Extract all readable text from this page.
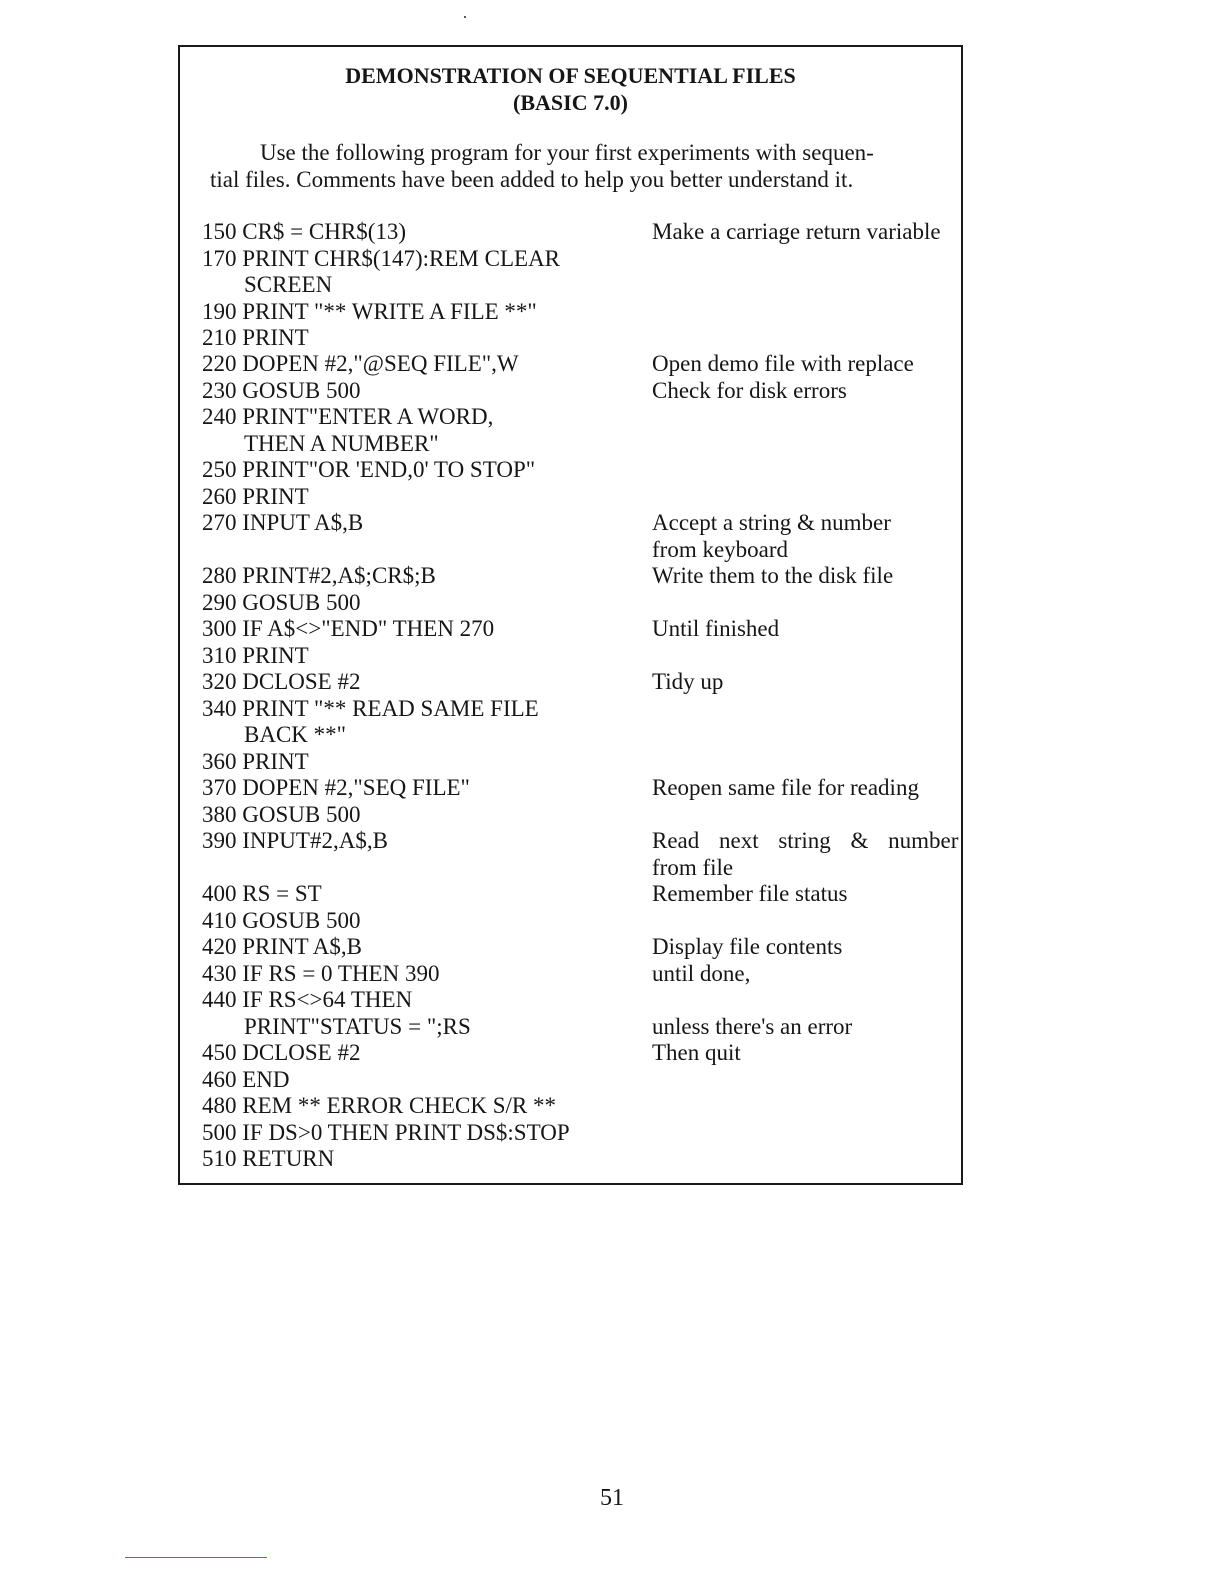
DEMONSTRATION OF SEQUENTIAL FILES

(BASIC 7.0)

Use the following program for your first experiments with sequen-
tial files. Comments have been added to help you better understand it.

150 CR$ = CHR$(13)

170 PRINT CHR$(147):REM CLEAR

SCREEN

190 PRINT "** WRITE A FILE **"

210 PRINT

220 DOPEN #2,"@SEQ FILE",W

230 GOSUB 500

240 PRINT"ENTER A WORD,

THEN A NUMBER"

250 PRINT"OR 'END,0' TO STOP"

260 PRINT

270 INPUT A$,B

280 PRINT#2,A$;CR$;B

290 GOSUB 500

300 IF A$<>"END" THEN 270

310 PRINT

320 DCLOSE #2

340 PRINT "** READ SAME FILE

BACK **"

360 PRINT

370 DOPEN #2,"SEQ FILE"

380 GOSUB 500

390 INPUT#2,A$,B

400 RS = ST

410 GOSUB 500

420 PRINT A$,B

430 IF RS = 0 THEN 390

440 IF RS<>64 THEN

PRINT"STATUS = ";RS

450 DCLOSE #2

460 END

480 REM ** ERROR CHECK S/R **

500 IF DS>0 THEN PRINT DS$:STOP

510 RETURN

Make a carriage return variable

Open demo file with replace

Check for disk errors

Accept a string & number

from keyboard

Write them to the disk file

Until finished

Tidy up

Reopen same file for reading

Read next string & number

from file

Remember file status

Display file contents

until done,

unless there's an error

Then quit

51
